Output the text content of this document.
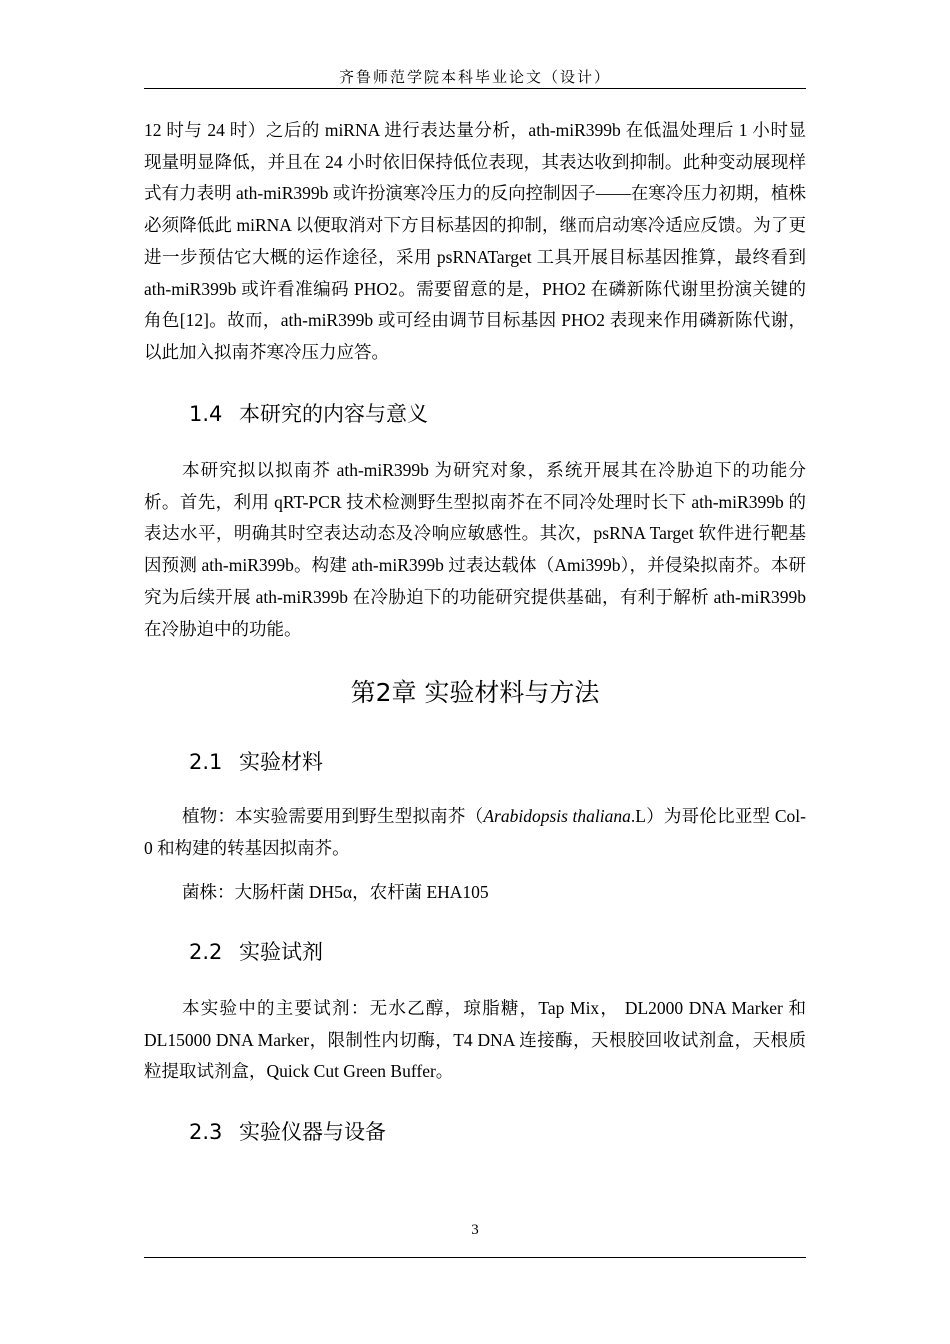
齐鲁师范学院本科毕业论文（设计）

12 时与 24 时）之后的 miRNA 进行表达量分析，ath-miR399b 在低温处理后 1 小时显现量明显降低，并且在 24 小时依旧保持低位表现，其表达收到抑制。此种变动展现样式有力表明 ath-miR399b 或许扮演寒冷压力的反向控制因子——在寒冷压力初期，植株必须降低此 miRNA 以便取消对下方目标基因的抑制，继而启动寒冷适应反馈。为了更进一步预估它大概的运作途径，采用 psRNATarget 工具开展目标基因推算，最终看到 ath-miR399b 或许看准编码 PHO2。需要留意的是，PHO2 在磷新陈代谢里扮演关键的角色[12]。故而，ath-miR399b 或可经由调节目标基因 PHO2 表现来作用磷新陈代谢，以此加入拟南芥寒冷压力应答。

1.4 本研究的内容与意义

本研究拟以拟南芥 ath-miR399b 为研究对象，系统开展其在冷胁迫下的功能分析。首先，利用 qRT-PCR 技术检测野生型拟南芥在不同冷处理时长下 ath-miR399b 的表达水平，明确其时空表达动态及冷响应敏感性。其次，psRNA Target 软件进行靶基因预测 ath-miR399b。构建 ath-miR399b 过表达载体（Ami399b），并侵染拟南芥。本研究为后续开展 ath-miR399b 在冷胁迫下的功能研究提供基础，有利于解析 ath-miR399b 在冷胁迫中的功能。

第2章 实验材料与方法
2.1 实验材料

植物：本实验需要用到野生型拟南芥（Arabidopsis thaliana.L）为哥伦比亚型 Col-0 和构建的转基因拟南芥。

菌株：大肠杆菌 DH5α，农杆菌 EHA105

2.2 实验试剂

本实验中的主要试剂：无水乙醇，琼脂糖，Tap Mix， DL2000 DNA Marker 和 DL15000 DNA Marker，限制性内切酶，T4 DNA 连接酶，天根胶回收试剂盒，天根质粒提取试剂盒，Quick Cut Green Buffer。

2.3 实验仪器与设备
3
